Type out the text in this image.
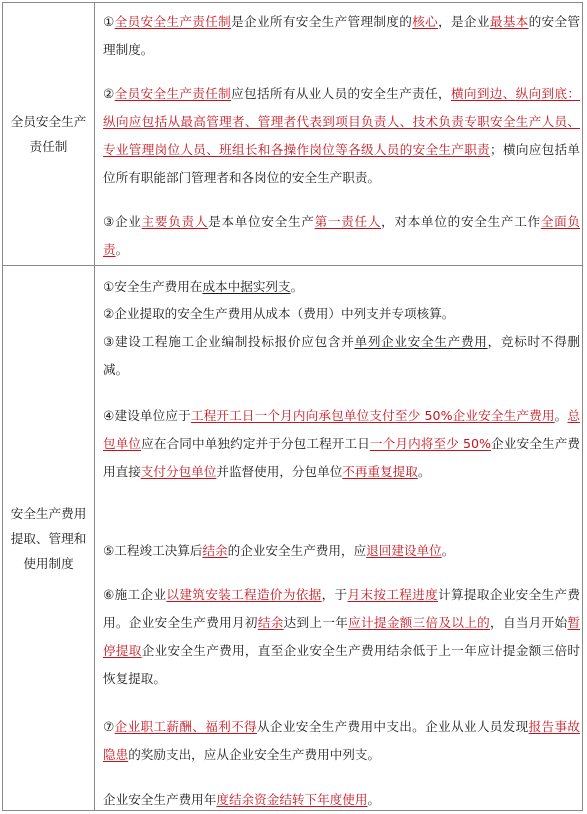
全员安全生产责任制
①全员安全生产责任制是企业所有安全生产管理制度的核心，是企业最基本的安全管理制度。
②全员安全生产责任制应包括所有从业人员的安全生产责任，横向到边、纵向到底：纵向应包括从最高管理者、管理者代表到项目负责人、技术负责专职安全生产人员、专业管理岗位人员、班组长和各操作岗位等各级人员的安全生产职责；横向应包括单位所有职能部门管理者和各岗位的安全生产职责。
③企业主要负责人是本单位安全生产第一责任人，对本单位的安全生产工作全面负责。
安全生产费用提取、管理和使用制度
①安全生产费用在成本中据实列支。
②企业提取的安全生产费用从成本（费用）中列支并专项核算。
③建设工程施工企业编制投标报价应包含并单列企业安全生产费用，竞标时不得删减。
④建设单位应于工程开工日一个月内向承包单位支付至少 50%企业安全生产费用。总包单位应在合同中单独约定并于分包工程开工日一个月内将至少 50%企业安全生产费用直接支付分包单位并监督使用，分包单位不再重复提取。
⑤工程竣工决算后结余的企业安全生产费用，应退回建设单位。
⑥施工企业以建筑安装工程造价为依据，于月末按工程进度计算提取企业安全生产费用。企业安全生产费用月初结余达到上一年应计提金额三倍及以上的，自当月开始暂停提取企业安全生产费用，直至企业安全生产费用结余低于上一年应计提金额三倍时恢复提取。
⑦企业职工薪酬、福利不得从企业安全生产费用中支出。企业从业人员发现报告事故隐患的奖励支出，应从企业安全生产费用中列支。
企业安全生产费用年度结余资金结转下年度使用。
